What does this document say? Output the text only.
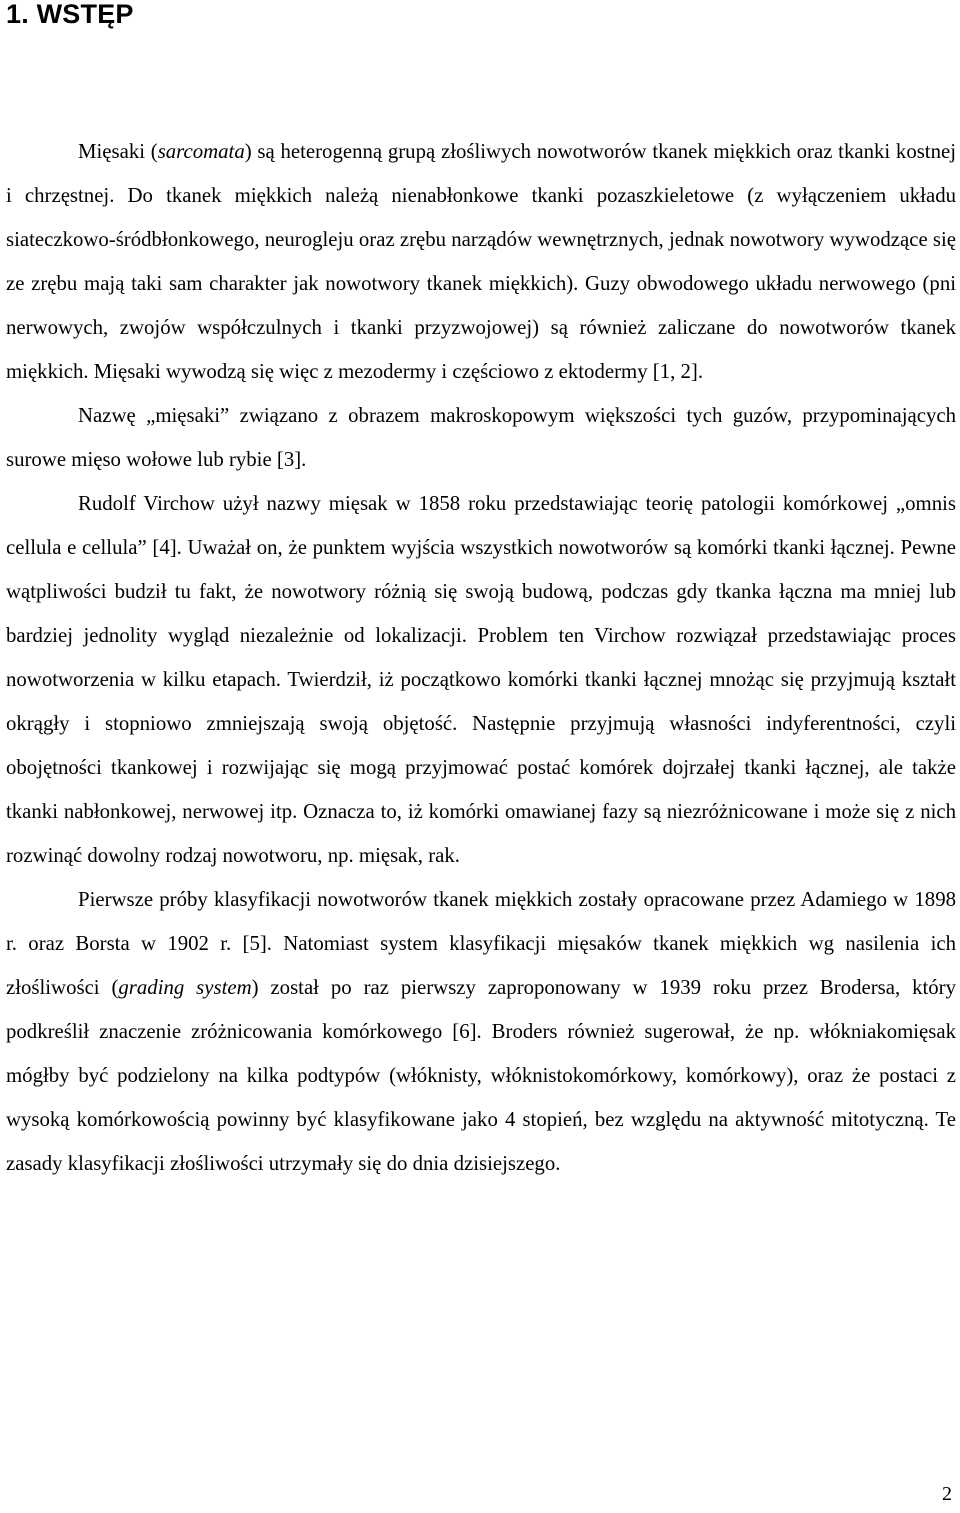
1. WSTĘP

Mięsaki (sarcomata) są heterogenną grupą złośliwych nowotworów tkanek miękkich oraz tkanki kostnej i chrzęstnej. Do tkanek miękkich należą nienabłonkowe tkanki pozaszkieletowe (z wyłączeniem układu siateczkowo-śródbłonkowego, neurogleju oraz zrębu narządów wewnętrznych, jednak nowotwory wywodzące się ze zrębu mają taki sam charakter jak nowotwory tkanek miękkich). Guzy obwodowego układu nerwowego (pni nerwowych, zwojów współczulnych i tkanki przyzwojowej) są również zaliczane do nowotworów tkanek miękkich. Mięsaki wywodzą się więc z mezodermy i częściowo z ektodermy [1, 2].

Nazwę „mięsaki” związano z obrazem makroskopowym większości tych guzów, przypominających surowe mięso wołowe lub rybie [3].

Rudolf Virchow użył nazwy mięsak w 1858 roku przedstawiając teorię patologii komórkowej „omnis cellula e cellula” [4]. Uważał on, że punktem wyjścia wszystkich nowotworów są komórki tkanki łącznej. Pewne wątpliwości budził tu fakt, że nowotwory różnią się swoją budową, podczas gdy tkanka łączna ma mniej lub bardziej jednolity wygląd niezależnie od lokalizacji. Problem ten Virchow rozwiązał przedstawiając proces nowotworzenia w kilku etapach. Twierdził, iż początkowo komórki tkanki łącznej mnożąc się przyjmują kształt okrągły i stopniowo zmniejszają swoją objętość. Następnie przyjmują własności indyferentności, czyli obojętności tkankowej i rozwijając się mogą przyjmować postać komórek dojrzałej tkanki łącznej, ale także tkanki nabłonkowej, nerwowej itp. Oznacza to, iż komórki omawianej fazy są niezróżnicowane i może się z nich rozwinąć dowolny rodzaj nowotworu, np. mięsak, rak.

Pierwsze próby klasyfikacji nowotworów tkanek miękkich zostały opracowane przez Adamiego w 1898 r. oraz Borsta w 1902 r. [5]. Natomiast system klasyfikacji mięsaków tkanek miękkich wg nasilenia ich złośliwości (grading system) został po raz pierwszy zaproponowany w 1939 roku przez Brodersa, który podkreślił znaczenie zróżnicowania komórkowego [6]. Broders również sugerował, że np. włókniakomięsak mógłby być podzielony na kilka podtypów (włóknisty, włóknistokomórkowy, komórkowy), oraz że postaci z wysoką komórkowością powinny być klasyfikowane jako 4 stopień, bez względu na aktywność mitotyczną. Te zasady klasyfikacji złośliwości utrzymały się do dnia dzisiejszego.

2
